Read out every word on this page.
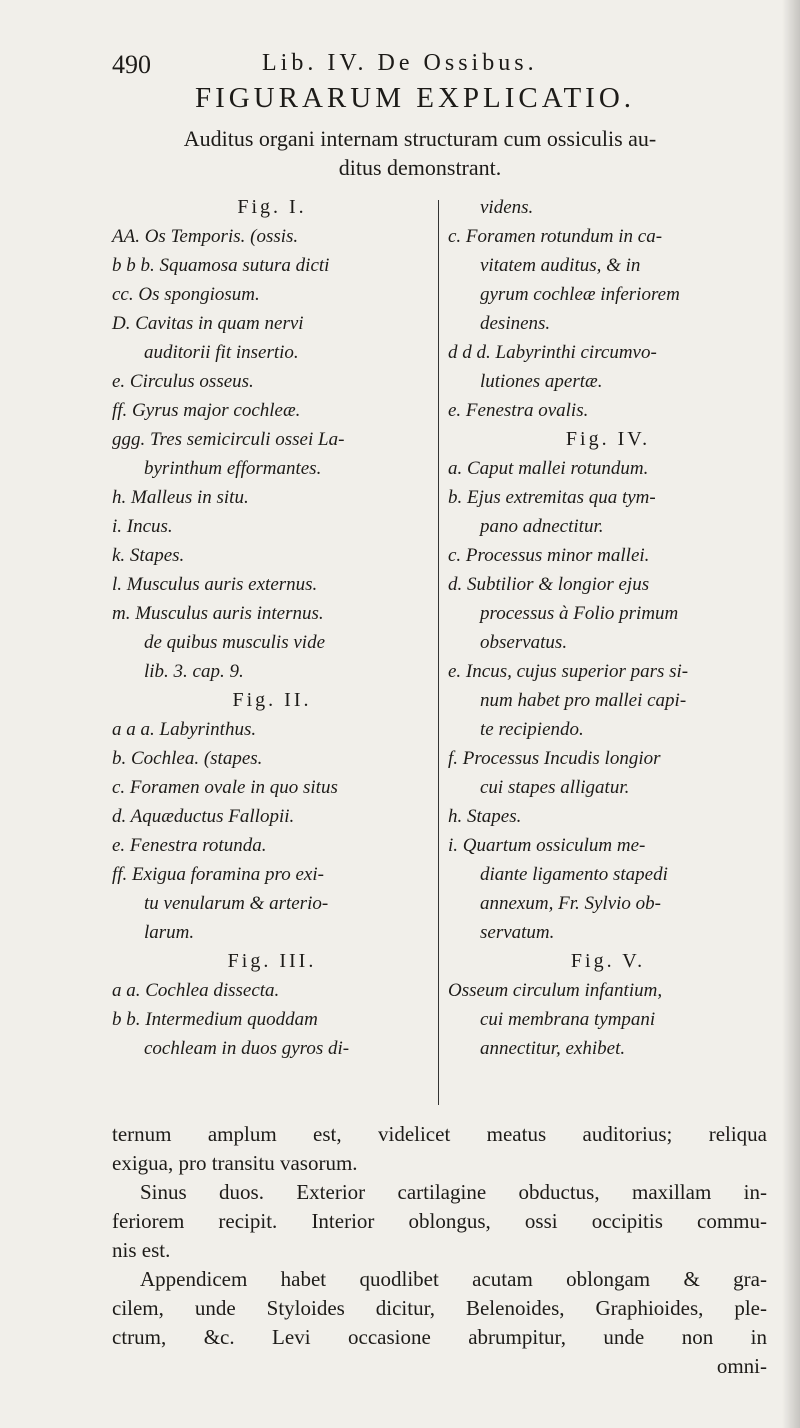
490	Lib. IV. De Ossibus.
FIGURARUM EXPLICATIO.
Auditus organi internam structuram cum ossiculis au-
ditus demonstrant.
Fig. I.
AA. Os Temporis. (ossis.
b b b. Squamosa sutura dicti
cc. Os spongiosum.
D. Cavitas in quam nervi
auditorii fit insertio.
e. Circulus osseus.
ff. Gyrus major cochleæ.
ggg. Tres semicirculi ossei La-
byrinthum efformantes.
h. Malleus in situ.
i. Incus.
k. Stapes.
l. Musculus auris externus.
m. Musculus auris internus.
de quibus musculis vide
lib. 3. cap. 9.
Fig. II.
a a a. Labyrinthus.
b. Cochlea. (stapes.
c. Foramen ovale in quo situs
d. Aquæductus Fallopii.
e. Fenestra rotunda.
ff. Exigua foramina pro exi-
tu venularum & arterio-
larum.
Fig. III.
a a. Cochlea dissecta.
b b. Intermedium quoddam
cochleam in duos gyros di-
videns.
c. Foramen rotundum in ca-
vitatem auditus, & in
gyrum cochleæ inferiorem
desinens.
d d d. Labyrinthi circumvo-
lutiones apertæ.
e. Fenestra ovalis.
Fig. IV.
a. Caput mallei rotundum.
b. Ejus extremitas qua tym-
pano adnectitur.
c. Processus minor mallei.
d. Subtilior & longior ejus
processus à Folio primum
observatus.
e. Incus, cujus superior pars si-
num habet pro mallei capi-
te recipiendo.
f. Processus Incudis longior
cui stapes alligatur.
h. Stapes.
i. Quartum ossiculum me-
diante ligamento stapedi
annexum, Fr. Sylvio ob-
servatum.
Fig. V.
Osseum circulum infantium,
cui membrana tympani
annectitur, exhibet.
ternum amplum est, videlicet meatus auditorius; reliqua
exigua, pro transitu vasorum.
Sinus duos. Exterior cartilagine obductus, maxillam in-
feriorem recipit. Interior oblongus, ossi occipitis commu-
nis est.
Appendicem habet quodlibet acutam oblongam & gra-
cilem, unde Styloides dicitur, Belenoides, Graphioides, ple-
ctrum, &c. Levi occasione abrumpitur, unde non in
omni-
